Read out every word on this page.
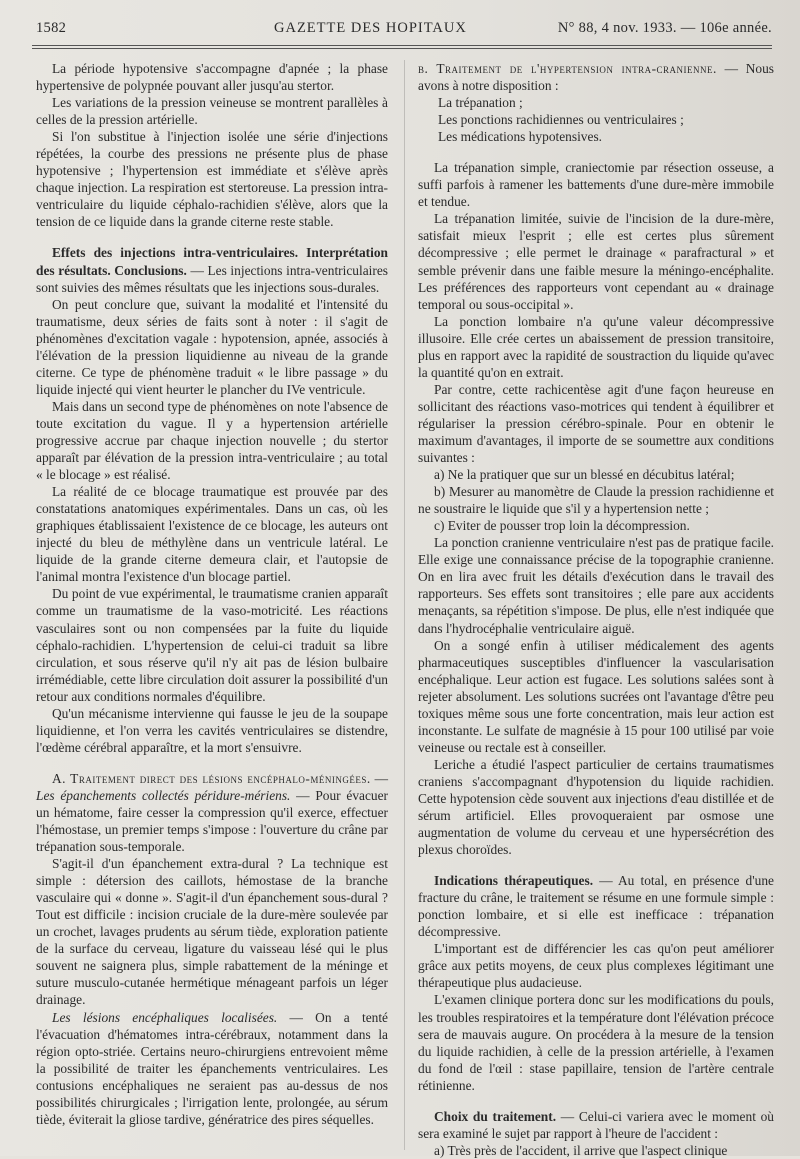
1582	GAZETTE DES HOPITAUX	N° 88, 4 nov. 1933. — 106e année.

La période hypotensive s'accompagne d'apnée ; la phase hypertensive de polypnée pouvant aller jusqu'au stertor.

Les variations de la pression veineuse se montrent parallèles à celles de la pression artérielle.

Si l'on substitue à l'injection isolée une série d'injections répétées, la courbe des pressions ne présente plus de phase hypotensive ; l'hypertension est immédiate et s'élève après chaque injection. La respiration est stertoreuse. La pression intra-ventriculaire du liquide céphalo-rachidien s'élève, alors que la tension de ce liquide dans la grande citerne reste stable.

Effets des injections intra-ventriculaires. Interprétation des résultats. Conclusions. — Les injections intra-ventriculaires sont suivies des mêmes résultats que les injections sous-durales.

On peut conclure que, suivant la modalité et l'intensité du traumatisme, deux séries de faits sont à noter : il s'agit de phénomènes d'excitation vagale : hypotension, apnée, associés à l'élévation de la pression liquidienne au niveau de la grande citerne. Ce type de phénomène traduit « le libre passage » du liquide injecté qui vient heurter le plancher du IVe ventricule.

Mais dans un second type de phénomènes on note l'absence de toute excitation du vague. Il y a hypertension artérielle progressive accrue par chaque injection nouvelle ; du stertor apparaît par élévation de la pression intra-ventriculaire ; au total « le blocage » est réalisé.

La réalité de ce blocage traumatique est prouvée par des constatations anatomiques expérimentales. Dans un cas, où les graphiques établissaient l'existence de ce blocage, les auteurs ont injecté du bleu de méthylène dans un ventricule latéral. Le liquide de la grande citerne demeura clair, et l'autopsie de l'animal montra l'existence d'un blocage partiel.

Du point de vue expérimental, le traumatisme cranien apparaît comme un traumatisme de la vaso-motricité. Les réactions vasculaires sont ou non compensées par la fuite du liquide céphalo-rachidien. L'hypertension de celui-ci traduit sa libre circulation, et sous réserve qu'il n'y ait pas de lésion bulbaire irrémédiable, cette libre circulation doit assurer la possibilité d'un retour aux conditions normales d'équilibre.

Qu'un mécanisme intervienne qui fausse le jeu de la soupape liquidienne, et l'on verra les cavités ventriculaires se distendre, l'œdème cérébral apparaître, et la mort s'ensuivre.

A. Traitement direct des lésions encéphalo-méningées. — Les épanchements collectés péridure-mériens. — Pour évacuer un hématome, faire cesser la compression qu'il exerce, effectuer l'hémostase, un premier temps s'impose : l'ouverture du crâne par trépanation sous-temporale.

S'agit-il d'un épanchement extra-dural ? La technique est simple : détersion des caillots, hémostase de la branche vasculaire qui « donne ». S'agit-il d'un épanchement sous-dural ? Tout est difficile : incision cruciale de la dure-mère soulevée par un crochet, lavages prudents au sérum tiède, exploration patiente de la surface du cerveau, ligature du vaisseau lésé qui le plus souvent ne saignera plus, simple rabattement de la méninge et suture musculo-cutanée hermétique ménageant parfois un léger drainage.

Les lésions encéphaliques localisées. — On a tenté l'évacuation d'hématomes intra-cérébraux, notamment dans la région opto-striée. Certains neuro-chirurgiens entrevoient même la possibilité de traiter les épanchements ventriculaires. Les contusions encéphaliques ne seraient pas au-dessus de nos possibilités chirurgicales ; l'irrigation lente, prolongée, au sérum tiède, éviterait la gliose tardive, génératrice des pires séquelles.

b. Traitement de l'hypertension intra-cranienne. — Nous avons à notre disposition :

La trépanation ;

Les ponctions rachidiennes ou ventriculaires ;

Les médications hypotensives.

La trépanation simple, craniectomie par résection osseuse, a suffi parfois à ramener les battements d'une dure-mère immobile et tendue.

La trépanation limitée, suivie de l'incision de la dure-mère, satisfait mieux l'esprit ; elle est certes plus sûrement décompressive ; elle permet le drainage « parafractural » et semble prévenir dans une faible mesure la méningo-encéphalite. Les préférences des rapporteurs vont cependant au « drainage temporal ou sous-occipital ».

La ponction lombaire n'a qu'une valeur décompressive illusoire. Elle crée certes un abaissement de pression transitoire, plus en rapport avec la rapidité de soustraction du liquide qu'avec la quantité qu'on en extrait.

Par contre, cette rachicentèse agit d'une façon heureuse en sollicitant des réactions vaso-motrices qui tendent à équilibrer et régulariser la pression cérébro-spinale. Pour en obtenir le maximum d'avantages, il importe de se soumettre aux conditions suivantes :

a) Ne la pratiquer que sur un blessé en décubitus latéral;

b) Mesurer au manomètre de Claude la pression rachidienne et ne soustraire le liquide que s'il y a hypertension nette ;

c) Eviter de pousser trop loin la décompression.

La ponction cranienne ventriculaire n'est pas de pratique facile. Elle exige une connaissance précise de la topographie cranienne. On en lira avec fruit les détails d'exécution dans le travail des rapporteurs. Ses effets sont transitoires ; elle pare aux accidents menaçants, sa répétition s'impose. De plus, elle n'est indiquée que dans l'hydrocéphalie ventriculaire aiguë.

On a songé enfin à utiliser médicalement des agents pharmaceutiques susceptibles d'influencer la vascularisation encéphalique. Leur action est fugace. Les solutions salées sont à rejeter absolument. Les solutions sucrées ont l'avantage d'être peu toxiques même sous une forte concentration, mais leur action est inconstante. Le sulfate de magnésie à 15 pour 100 utilisé par voie veineuse ou rectale est à conseiller.

Leriche a étudié l'aspect particulier de certains traumatismes craniens s'accompagnant d'hypotension du liquide rachidien. Cette hypotension cède souvent aux injections d'eau distillée et de sérum artificiel. Elles provoqueraient par osmose une augmentation de volume du cerveau et une hypersécrétion des plexus choroïdes.

Indications thérapeutiques. — Au total, en présence d'une fracture du crâne, le traitement se résume en une formule simple : ponction lombaire, et si elle est inefficace : trépanation décompressive.

L'important est de différencier les cas qu'on peut améliorer grâce aux petits moyens, de ceux plus complexes légitimant une thérapeutique plus audacieuse.

L'examen clinique portera donc sur les modifications du pouls, les troubles respiratoires et la température dont l'élévation précoce sera de mauvais augure. On procédera à la mesure de la tension du liquide rachidien, à celle de la pression artérielle, à l'examen du fond de l'œil : stase papillaire, tension de l'artère centrale rétinienne.

Choix du traitement. — Celui-ci variera avec le moment où sera examiné le sujet par rapport à l'heure de l'accident :

a) Très près de l'accident, il arrive que l'aspect clinique
